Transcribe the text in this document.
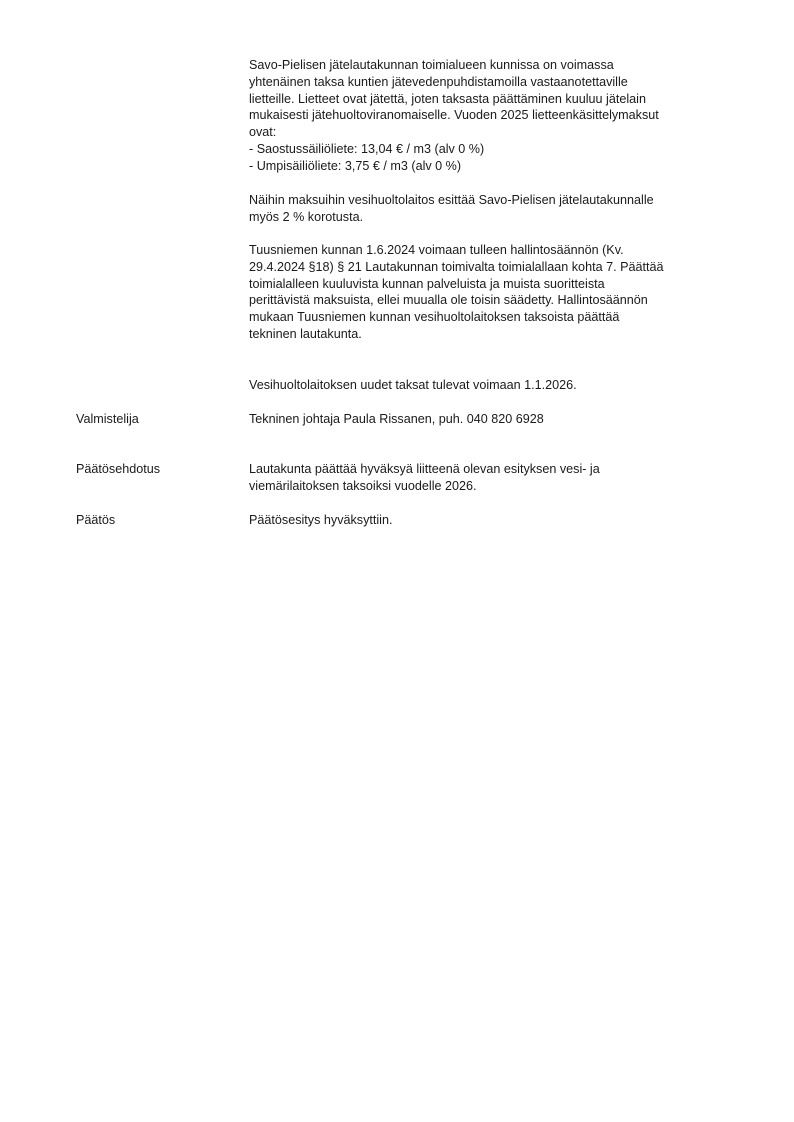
Savo-Pielisen jätelautakunnan toimialueen kunnissa on voimassa
yhtenäinen taksa kuntien jätevedenpuhdistamoilla vastaanotettaville
lietteille. Lietteet ovat jätettä, joten taksasta päättäminen kuuluu jätelain
mukaisesti jätehuoltoviranomaiselle. Vuoden 2025 lietteenkäsittelymaksut
ovat:

- Saostussäiliöliete: 13,04 € / m3 (alv 0 %)

- Umpisäiliöliete: 3,75 € / m3 (alv 0 %)

Näihin maksuihin vesihuoltolaitos esittää Savo-Pielisen jätelautakunnalle
myös 2 % korotusta.

Tuusniemen kunnan 1.6.2024 voimaan tulleen hallintosäännön (Kv.
29.4.2024 §18) § 21 Lautakunnan toimivalta toimialallaan kohta 7. Päättää
toimialalleen kuuluvista kunnan palveluista ja muista suoritteista
perittävistä maksuista, ellei muualla ole toisin säädetty. Hallintosäännön
mukaan Tuusniemen kunnan vesihuoltolaitoksen taksoista päättää
tekninen lautakunta.

Vesihuoltolaitoksen uudet taksat tulevat voimaan 1.1.2026.

Valmistelija	Tekninen johtaja Paula Rissanen, puh. 040 820 6928
Päätösehdotus	Lautakunta päättää hyväksyä liitteenä olevan esityksen vesi- ja
viemärilaitoksen taksoiksi vuodelle 2026.
Päätös	Päätösesitys hyväksyttiin.
